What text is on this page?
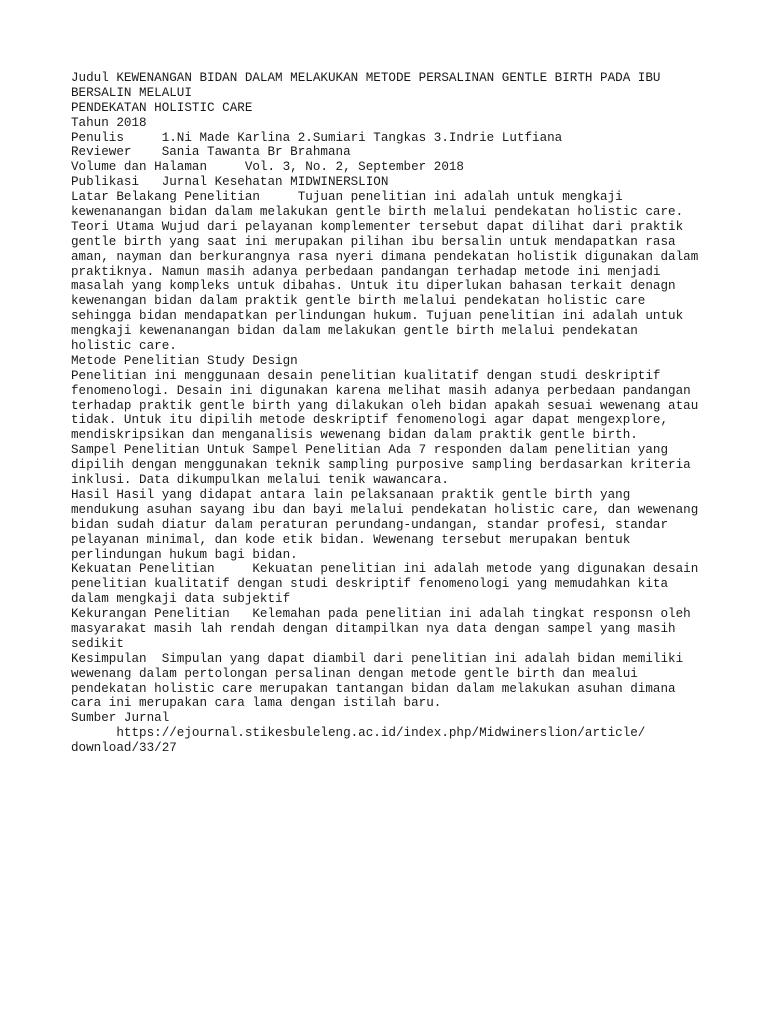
Judul KEWENANGAN BIDAN DALAM MELAKUKAN METODE PERSALINAN GENTLE BIRTH PADA IBU
BERSALIN MELALUI
PENDEKATAN HOLISTIC CARE
Tahun 2018
Penulis     1.Ni Made Karlina 2.Sumiari Tangkas 3.Indrie Lutfiana
Reviewer    Sania Tawanta Br Brahmana
Volume dan Halaman     Vol. 3, No. 2, September 2018
Publikasi   Jurnal Kesehatan MIDWINERSLION
Latar Belakang Penelitian     Tujuan penelitian ini adalah untuk mengkaji
kewenanangan bidan dalam melakukan gentle birth melalui pendekatan holistic care.
Teori Utama Wujud dari pelayanan komplementer tersebut dapat dilihat dari praktik
gentle birth yang saat ini merupakan pilihan ibu bersalin untuk mendapatkan rasa
aman, nayman dan berkurangnya rasa nyeri dimana pendekatan holistik digunakan dalam
praktiknya. Namun masih adanya perbedaan pandangan terhadap metode ini menjadi
masalah yang kompleks untuk dibahas. Untuk itu diperlukan bahasan terkait denagn
kewenangan bidan dalam praktik gentle birth melalui pendekatan holistic care
sehingga bidan mendapatkan perlindungan hukum. Tujuan penelitian ini adalah untuk
mengkaji kewenanangan bidan dalam melakukan gentle birth melalui pendekatan
holistic care.
Metode Penelitian Study Design
Penelitian ini menggunaan desain penelitian kualitatif dengan studi deskriptif
fenomenologi. Desain ini digunakan karena melihat masih adanya perbedaan pandangan
terhadap praktik gentle birth yang dilakukan oleh bidan apakah sesuai wewenang atau
tidak. Untuk itu dipilih metode deskriptif fenomenologi agar dapat mengexplore,
mendiskripsikan dan menganalisis wewenang bidan dalam praktik gentle birth.
Sampel Penelitian Untuk Sampel Penelitian Ada 7 responden dalam penelitian yang
dipilih dengan menggunakan teknik sampling purposive sampling berdasarkan kriteria
inklusi. Data dikumpulkan melalui tenik wawancara.
Hasil Hasil yang didapat antara lain pelaksanaan praktik gentle birth yang
mendukung asuhan sayang ibu dan bayi melalui pendekatan holistic care, dan wewenang
bidan sudah diatur dalam peraturan perundang-undangan, standar profesi, standar
pelayanan minimal, dan kode etik bidan. Wewenang tersebut merupakan bentuk
perlindungan hukum bagi bidan.
Kekuatan Penelitian     Kekuatan penelitian ini adalah metode yang digunakan desain
penelitian kualitatif dengan studi deskriptif fenomenologi yang memudahkan kita
dalam mengkaji data subjektif
Kekurangan Penelitian   Kelemahan pada penelitian ini adalah tingkat responsn oleh
masyarakat masih lah rendah dengan ditampilkan nya data dengan sampel yang masih
sedikit
Kesimpulan  Simpulan yang dapat diambil dari penelitian ini adalah bidan memiliki
wewenang dalam pertolongan persalinan dengan metode gentle birth dan mealui
pendekatan holistic care merupakan tantangan bidan dalam melakukan asuhan dimana
cara ini merupakan cara lama dengan istilah baru.
Sumber Jurnal
https://ejournal.stikesbuleleng.ac.id/index.php/Midwinerslion/article/
download/33/27
